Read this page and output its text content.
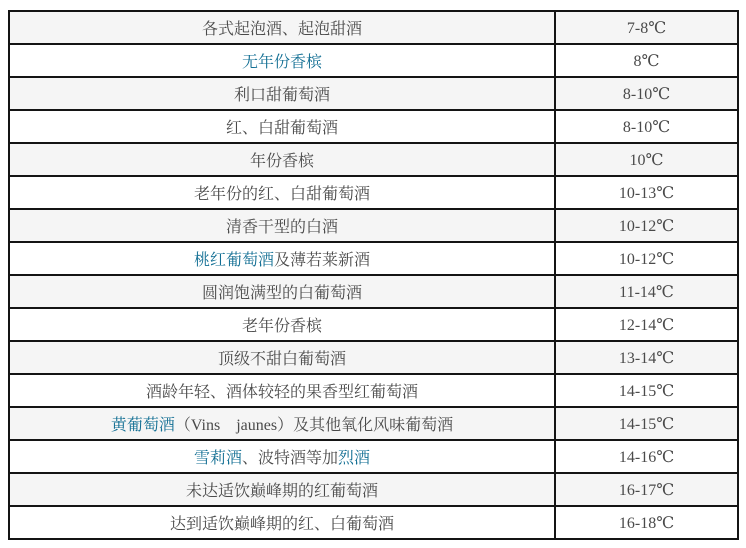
各式起泡酒、起泡甜酒	7-8℃
无年份香槟	8℃
利口甜葡萄酒	8-10℃
红、白甜葡萄酒	8-10℃
年份香槟	10℃
老年份的红、白甜葡萄酒	10-13℃
清香干型的白酒	10-12℃
桃红葡萄酒及薄若莱新酒	10-12℃
圆润饱满型的白葡萄酒	11-14℃
老年份香槟	12-14℃
顶级不甜白葡萄酒	13-14℃
酒龄年轻、酒体较轻的果香型红葡萄酒	14-15℃
黄葡萄酒（Vins　jaunes）及其他氧化风味葡萄酒	14-15℃
雪莉酒、波特酒等加烈酒	14-16℃
未达适饮巅峰期的红葡萄酒	16-17℃
达到适饮巅峰期的红、白葡萄酒	16-18℃
